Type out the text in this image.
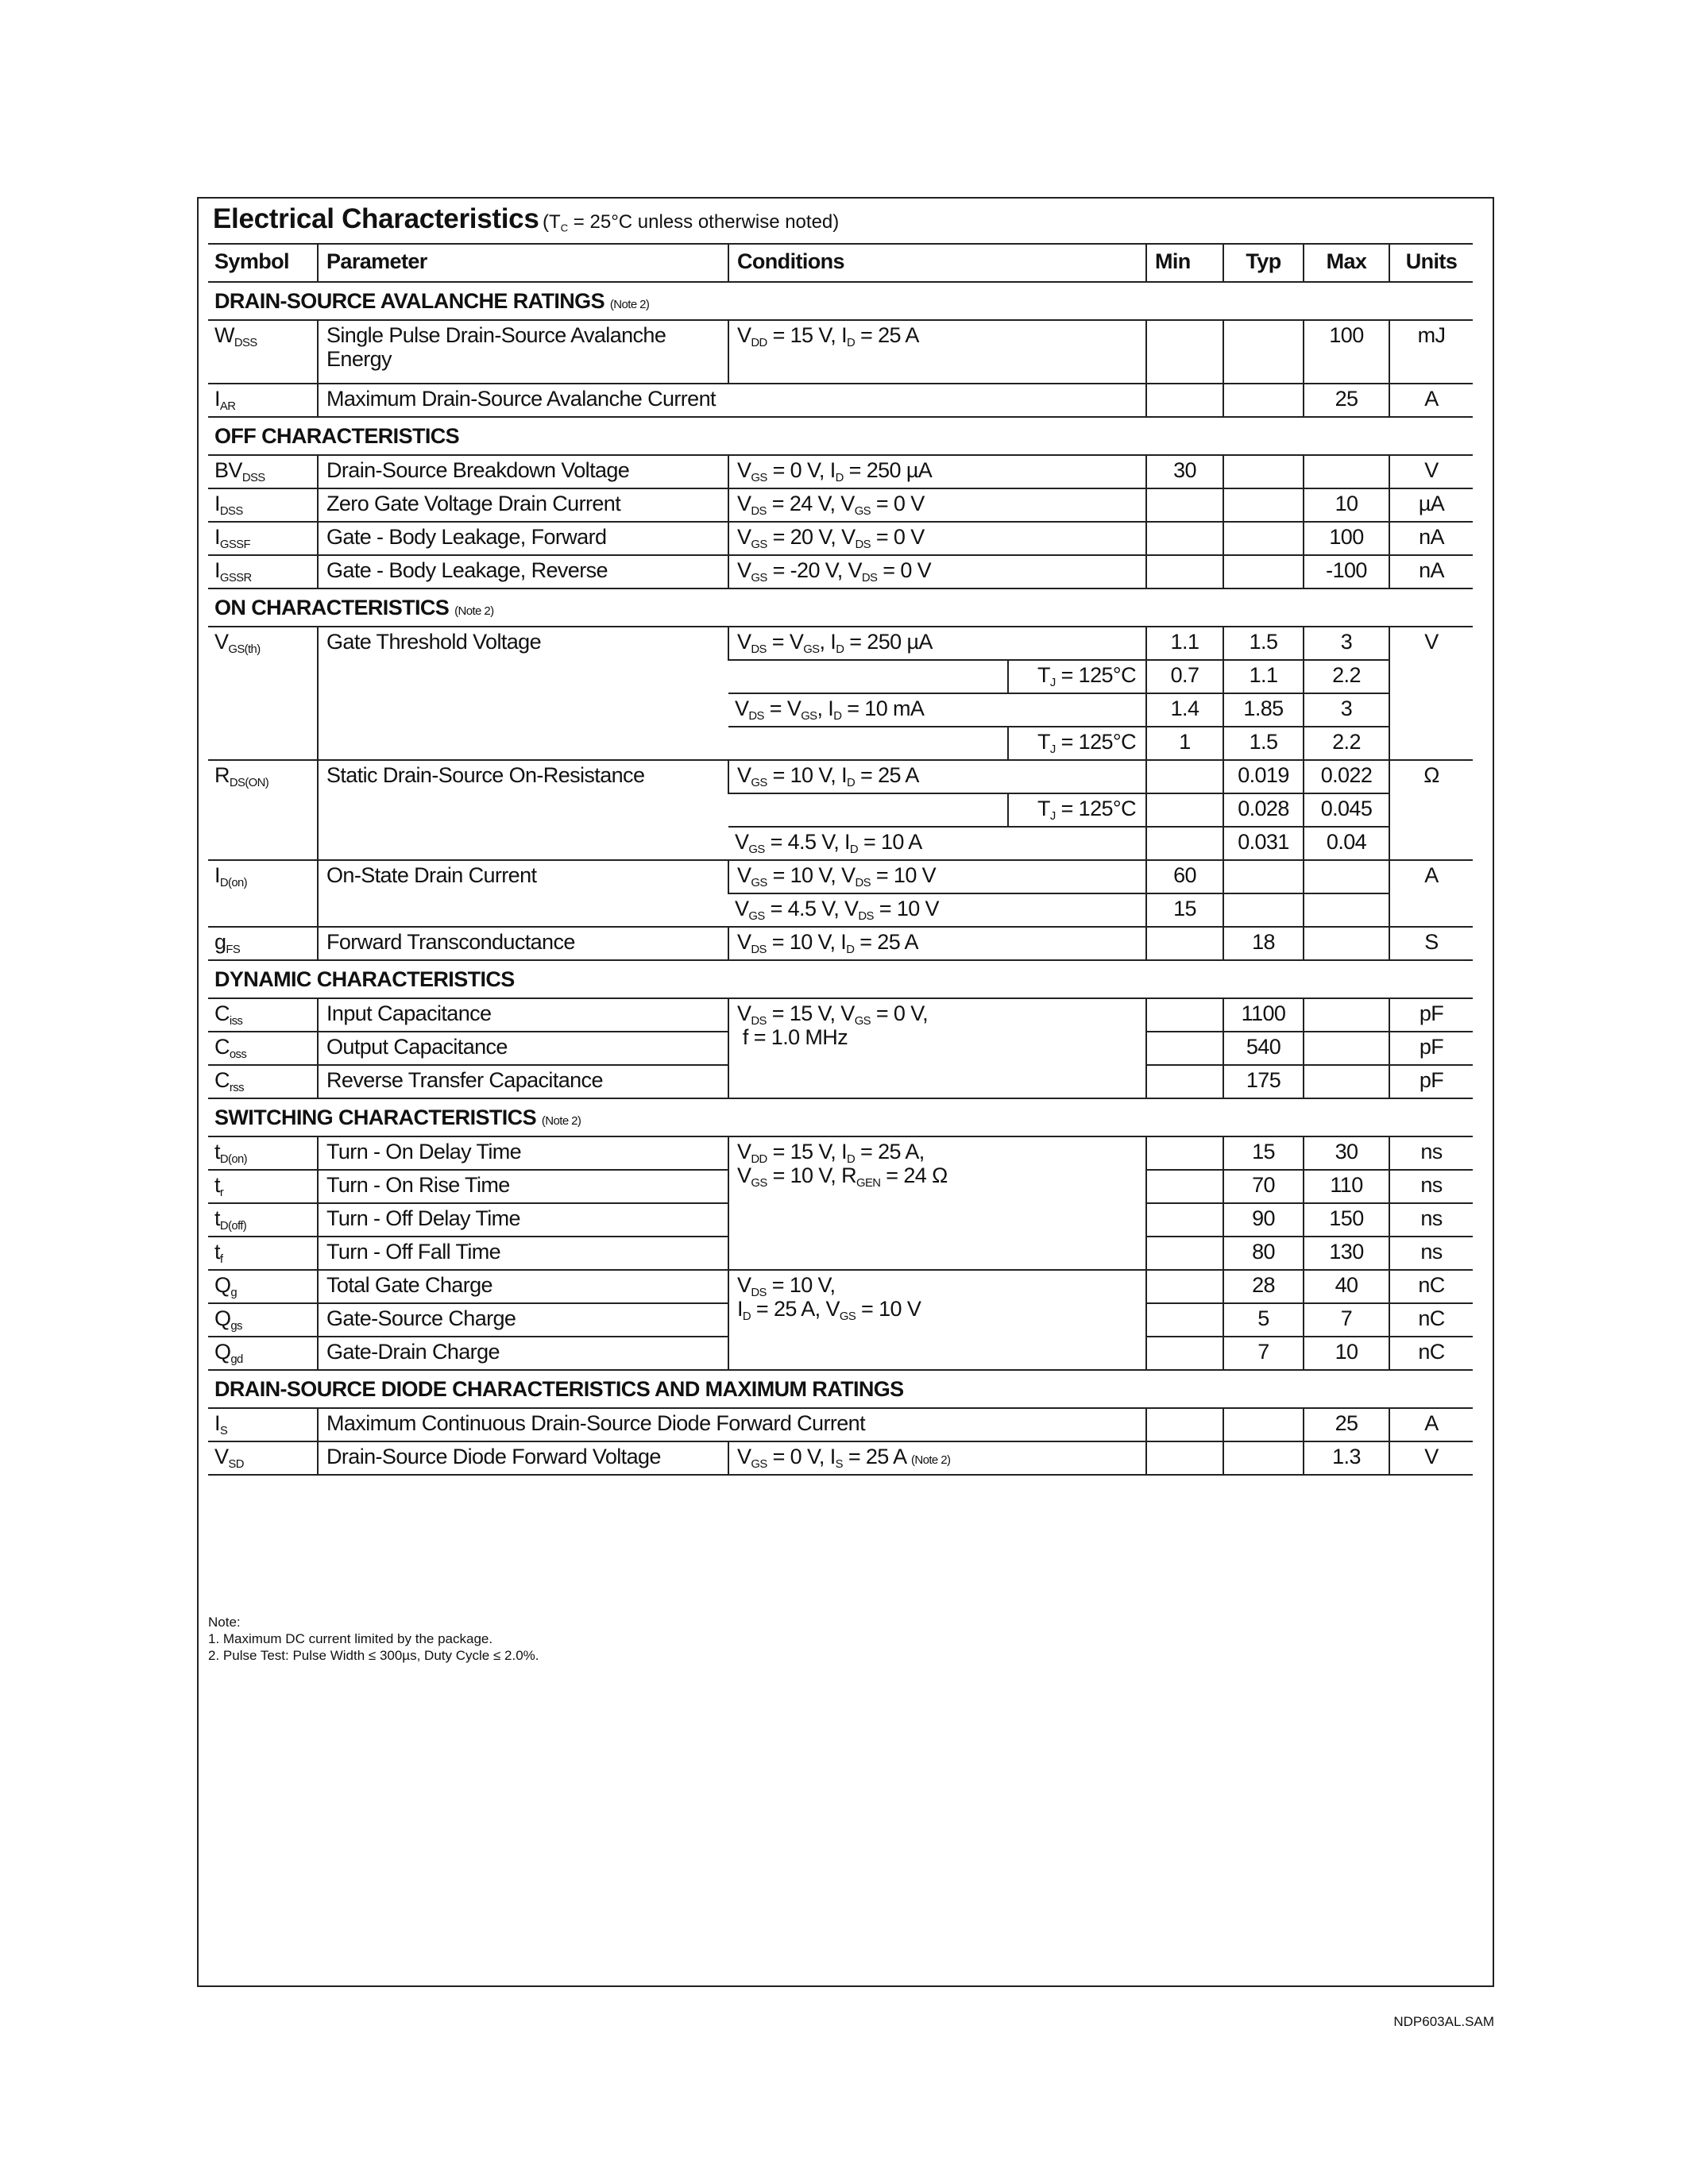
Electrical Characteristics ($T_C = 25^\circ C$ unless otherwise noted)
Symbol	Parameter	Conditions		Min	Typ	Max	Units
DRAIN-SOURCE AVALANCHE RATINGS (Note 2)							
$W_{DSS}$	Single Pulse Drain-Source Avalanche Energy	$V_{DD} = 15$ V, $I_D = 25$ A				100	mJ
$I_{AR}$	Maximum Drain-Source Avalanche Current					25	A
OFF CHARACTERISTICS							
$BV_{DSS}$	Drain-Source Breakdown Voltage	$V_{GS} = 0$ V, $I_D = 250$ µA		30			V
$I_{DSS}$	Zero Gate Voltage Drain Current	$V_{DS} = 24$ V, $V_{GS} = 0$ V				10	µA
$I_{GSSF}$	Gate - Body Leakage, Forward	$V_{GS} = 20$ V, $V_{DS} = 0$ V				100	nA
$I_{GSSR}$	Gate - Body Leakage, Reverse	$V_{GS} = -20$ V, $V_{DS} = 0$ V				-100	nA
ON CHARACTERISTICS (Note 2)							
$V_{GS(th)}$	Gate Threshold Voltage	$V_{DS} = V_{GS}$, $I_D = 250$ µA		1.1	1.5	3	V
			$T_J = 125^\circ C$	0.7	1.1	2.2	
		$V_{DS} = V_{GS}$, $I_D = 10$ mA		1.4	1.85	3	
			$T_J = 125^\circ C$	1	1.5	2.2	
$R_{DS(ON)}$	Static Drain-Source On-Resistance	$V_{GS} = 10$ V, $I_D = 25$ A			0.019	0.022	Ω
			$T_J = 125^\circ C$		0.028	0.045	
		$V_{GS} = 4.5$ V, $I_D = 10$ A			0.031	0.04	
$I_{D(on)}$	On-State Drain Current	$V_{GS} = 10$ V, $V_{DS} = 10$ V		60			A
		$V_{GS} = 4.5$ V, $V_{DS} = 10$ V		15			
$g_{FS}$	Forward Transconductance	$V_{DS} = 10$ V, $I_D = 25$ A			18		S
DYNAMIC CHARACTERISTICS							
$C_{iss}$	Input Capacitance	$V_{DS} = 15$ V, $V_{GS} = 0$ V,
f = 1.0 MHz			1100		pF
$C_{oss}$	Output Capacitance				540		pF
$C_{rss}$	Reverse Transfer Capacitance				175		pF
SWITCHING CHARACTERISTICS (Note 2)							
$t_{D(on)}$	Turn - On Delay Time	$V_{DD} = 15$ V, $I_D = 25$ A,
$V_{GS} = 10$ V, $R_{GEN} = 24$ Ω			15	30	ns
$t_r$	Turn - On Rise Time				70	110	ns
$t_{D(off)}$	Turn - Off Delay Time				90	150	ns
$t_f$	Turn - Off Fall Time				80	130	ns
$Q_g$	Total Gate Charge	$V_{DS} = 10$ V,
$I_D = 25$ A, $V_{GS} = 10$ V			28	40	nC
$Q_{gs}$	Gate-Source Charge				5	7	nC
$Q_{gd}$	Gate-Drain Charge				7	10	nC
DRAIN-SOURCE DIODE CHARACTERISTICS AND MAXIMUM RATINGS							
$I_S$	Maximum Continuous Drain-Source Diode Forward Current					25	A
$V_{SD}$	Drain-Source Diode Forward Voltage	$V_{GS} = 0$ V, $I_S = 25$ A (Note 2)				1.3	V
Note:
1. Maximum DC current limited by the package.
2. Pulse Test: Pulse Width ≤ 300µs, Duty Cycle ≤ 2.0%.
NDP603AL.SAM
